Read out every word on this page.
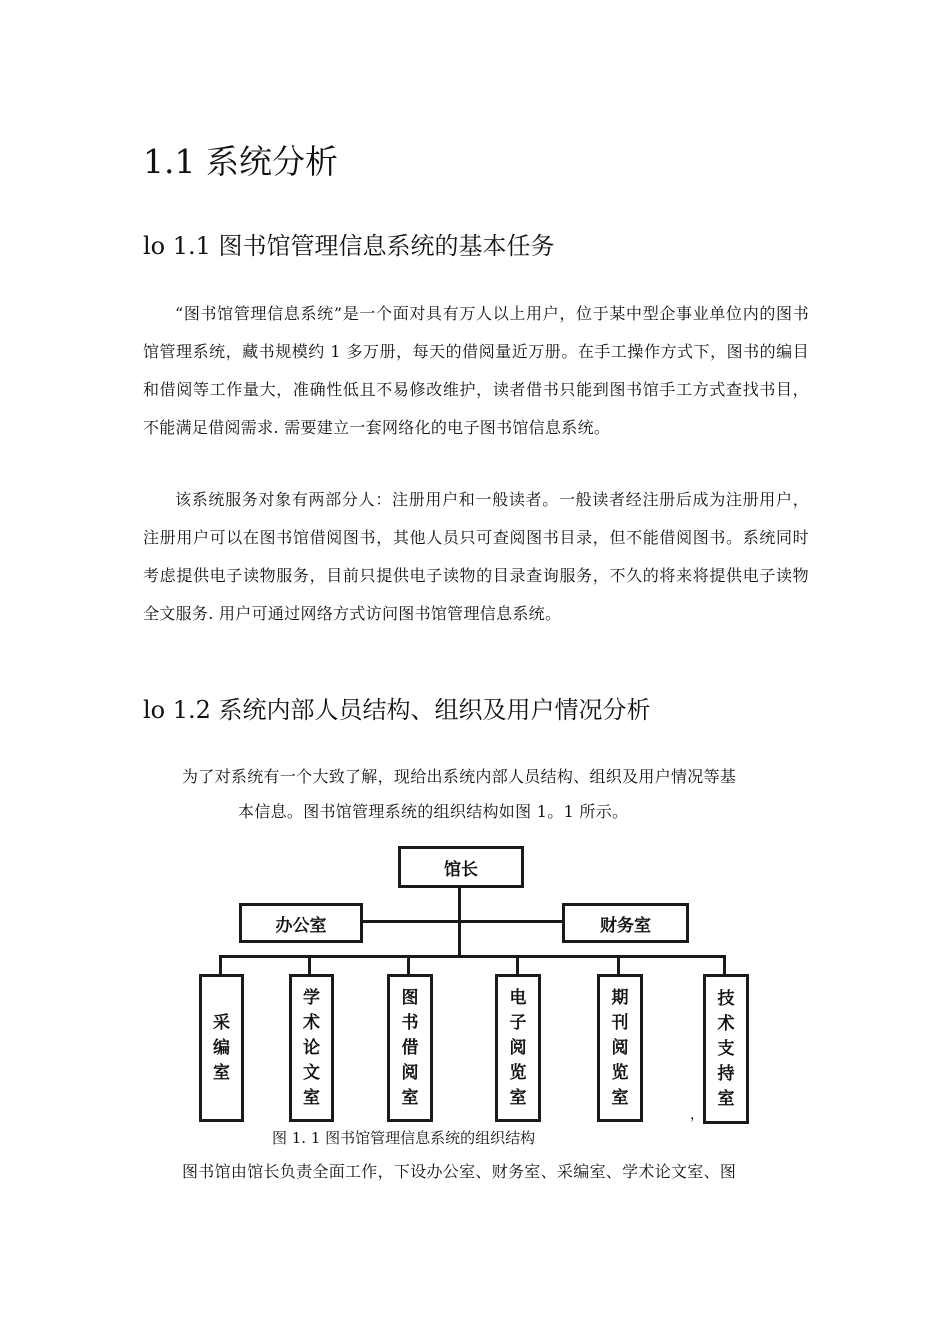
1.1 系统分析
lo 1.1 图书馆管理信息系统的基本任务
“图书馆管理信息系统”是一个面对具有万人以上用户，位于某中型企事业单位内的图书馆管理系统，藏书规模约 1 多万册，每天的借阅量近万册。在手工操作方式下，图书的编目和借阅等工作量大，准确性低且不易修改维护，读者借书只能到图书馆手工方式查找书目，不能满足借阅需求. 需要建立一套网络化的电子图书馆信息系统。
该系统服务对象有两部分人：注册用户和一般读者。一般读者经注册后成为注册用户，注册用户可以在图书馆借阅图书，其他人员只可查阅图书目录，但不能借阅图书。系统同时考虑提供电子读物服务，目前只提供电子读物的目录查询服务，不久的将来将提供电子读物全文服务. 用户可通过网络方式访问图书馆管理信息系统。
lo 1.2 系统内部人员结构、组织及用户情况分析
为了对系统有一个大致了解，现给出系统内部人员结构、组织及用户情况等基
本信息。图书馆管理系统的组织结构如图 1。1 所示。
馆长
办公室	财务室
采
编
室
学
术
论
文
室
图
书
借
阅
室
电
子
阅
览
室
期
刊
阅
览
室
技
术
支
持
室
，
图 1. 1 图书馆管理信息系统的组织结构
图书馆由馆长负责全面工作，下设办公室、财务室、采编室、学术论文室、图
